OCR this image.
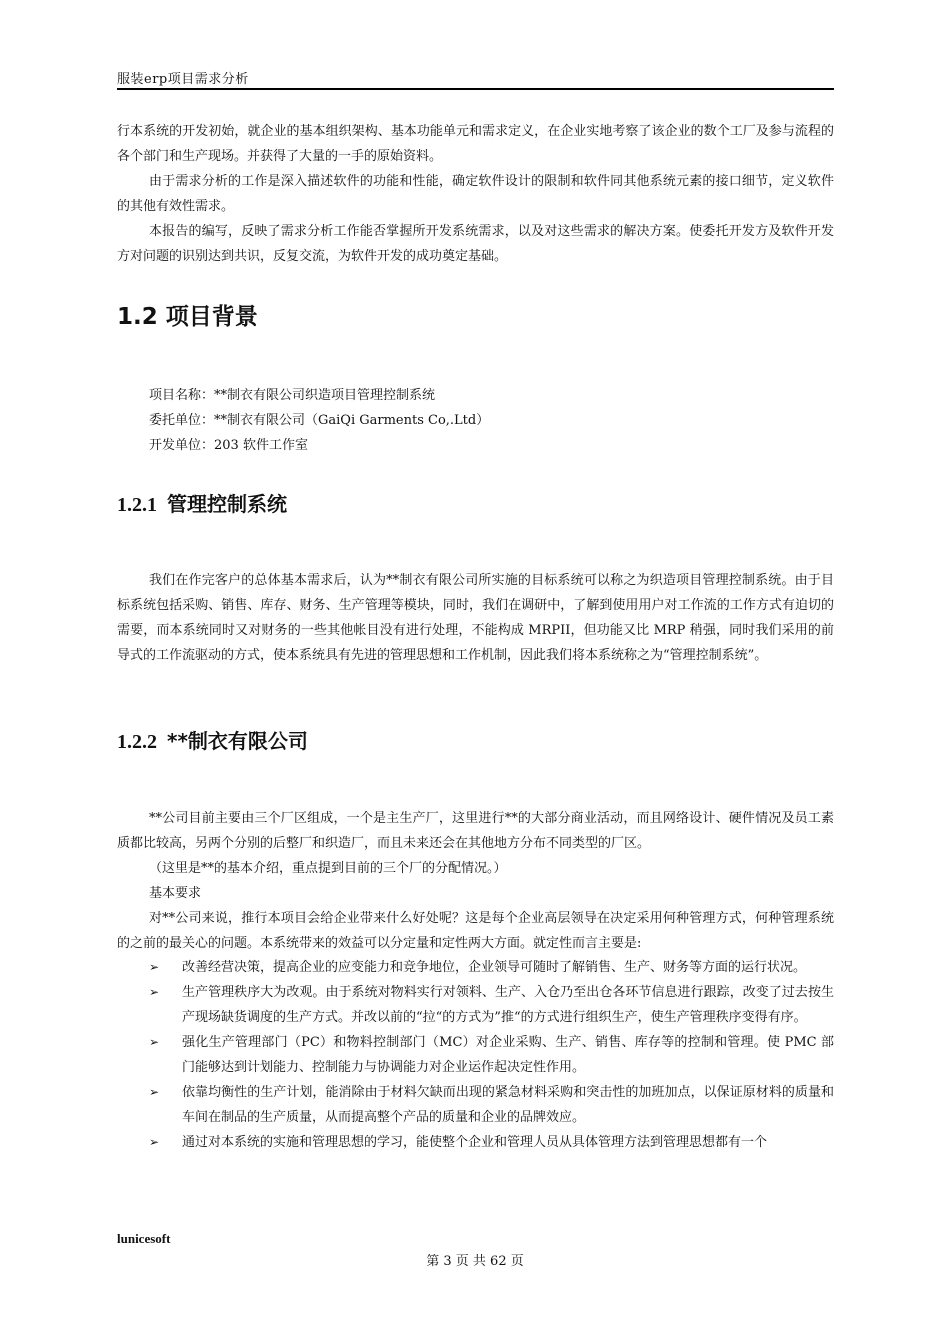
服装erp项目需求分析

行本系统的开发初始，就企业的基本组织架构、基本功能单元和需求定义，在企业实地考察了该企业的数个工厂及参与流程的各个部门和生产现场。并获得了大量的一手的原始资料。

由于需求分析的工作是深入描述软件的功能和性能，确定软件设计的限制和软件同其他系统元素的接口细节，定义软件的其他有效性需求。

本报告的编写，反映了需求分析工作能否掌握所开发系统需求，以及对这些需求的解决方案。使委托开发方及软件开发方对问题的识别达到共识，反复交流，为软件开发的成功奠定基础。

1.2 项目背景

项目名称：**制衣有限公司织造项目管理控制系统

委托单位：**制衣有限公司（GaiQi Garments Co,.Ltd）

开发单位：203 软件工作室

1.2.1 管理控制系统

我们在作完客户的总体基本需求后，认为**制衣有限公司所实施的目标系统可以称之为织造项目管理控制系统。由于目标系统包括采购、销售、库存、财务、生产管理等模块，同时，我们在调研中，了解到使用用户对工作流的工作方式有迫切的需要，而本系统同时又对财务的一些其他帐目没有进行处理，不能构成 MRPII，但功能又比 MRP 稍强，同时我们采用的前导式的工作流驱动的方式，使本系统具有先进的管理思想和工作机制，因此我们将本系统称之为“管理控制系统”。

1.2.2 **制衣有限公司

**公司目前主要由三个厂区组成，一个是主生产厂，这里进行**的大部分商业活动，而且网络设计、硬件情况及员工素质都比较高，另两个分别的后整厂和织造厂，而且未来还会在其他地方分布不同类型的厂区。

（这里是**的基本介绍，重点提到目前的三个厂的分配情况。）

基本要求

对**公司来说，推行本项目会给企业带来什么好处呢？这是每个企业高层领导在决定采用何种管理方式，何种管理系统的之前的最关心的问题。本系统带来的效益可以分定量和定性两大方面。就定性而言主要是:

➢ 改善经营决策，提高企业的应变能力和竞争地位，企业领导可随时了解销售、生产、财务等方面的运行状况。
➢ 生产管理秩序大为改观。由于系统对物料实行对领料、生产、入仓乃至出仓各环节信息进行跟踪，改变了过去按生产现场缺货调度的生产方式。并改以前的“拉“的方式为”推“的方式进行组织生产，使生产管理秩序变得有序。
➢ 强化生产管理部门（PC）和物料控制部门（MC）对企业采购、生产、销售、库存等的控制和管理。使 PMC 部门能够达到计划能力、控制能力与协调能力对企业运作起决定性作用。
➢ 依靠均衡性的生产计划，能消除由于材料欠缺而出现的紧急材料采购和突击性的加班加点，以保证原材料的质量和车间在制品的生产质量，从而提高整个产品的质量和企业的品牌效应。
➢ 通过对本系统的实施和管理思想的学习，能使整个企业和管理人员从具体管理方法到管理思想都有一个
lunicesoft
第 3 页 共 62 页
